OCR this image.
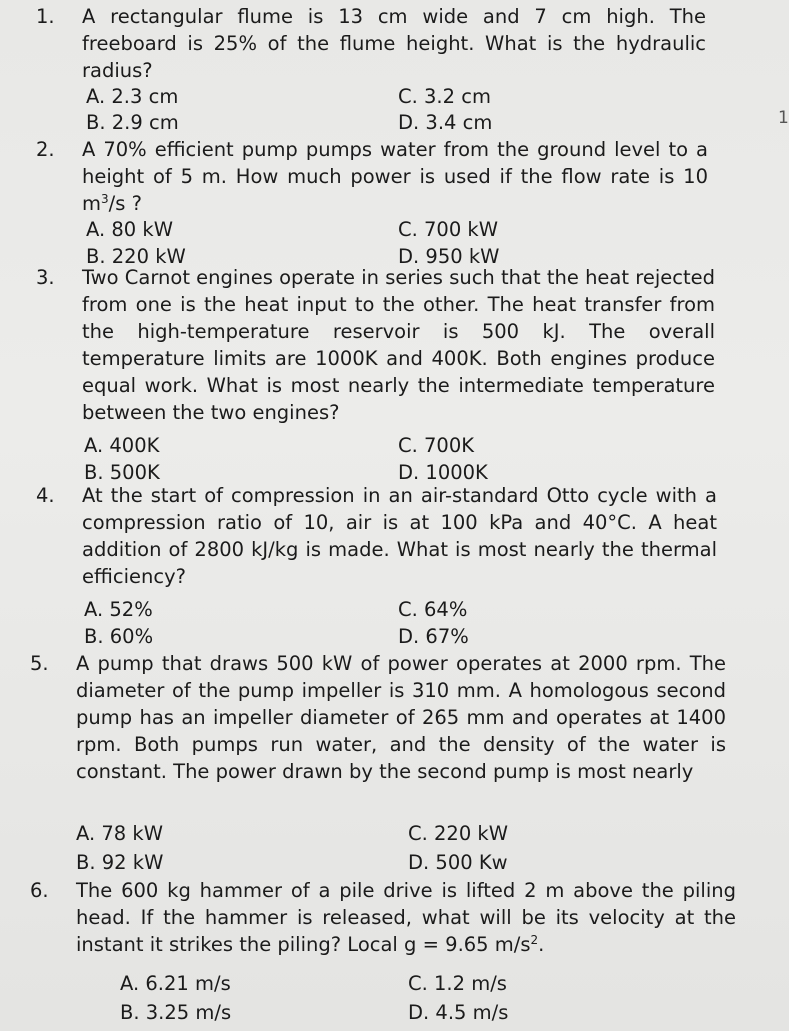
1.	A rectangular flume is 13 cm wide and 7 cm high. The freeboard is 25% of the flume height. What is the hydraulic radius?
A. 2.3 cm	C. 3.2 cm
B. 2.9 cm	D. 3.4 cm	1
2.	A 70% efficient pump pumps water from the ground level to a height of 5 m. How much power is used if the flow rate is 10 $m^3/s$ ?
A. 80 kW	C. 700 kW
B. 220 kW	D. 950 kW
3.	Two Carnot engines operate in series such that the heat rejected from one is the heat input to the other. The heat transfer from the high-temperature reservoir is 500 kJ. The overall temperature limits are 1000K and 400K. Both engines produce equal work. What is most nearly the intermediate temperature between the two engines?
A. 400K	C. 700K
B. 500K	D. 1000K
4.	At the start of compression in an air-standard Otto cycle with a compression ratio of 10, air is at 100 kPa and 40°C. A heat addition of 2800 kJ/kg is made. What is most nearly the thermal efficiency?
A. 52%	C. 64%
B. 60%	D. 67%
5.	A pump that draws 500 kW of power operates at 2000 rpm. The diameter of the pump impeller is 310 mm. A homologous second pump has an impeller diameter of 265 mm and operates at 1400 rpm. Both pumps run water, and the density of the water is constant. The power drawn by the second pump is most nearly
A. 78 kW	C. 220 kW
B. 92 kW	D. 500 Kw
6.	The 600 kg hammer of a pile drive is lifted 2 m above the piling head. If the hammer is released, what will be its velocity at the instant it strikes the piling? Local g = 9.65 $m/s^2$.
A. 6.21 m/s	C. 1.2 m/s
B. 3.25 m/s	D. 4.5 m/s
